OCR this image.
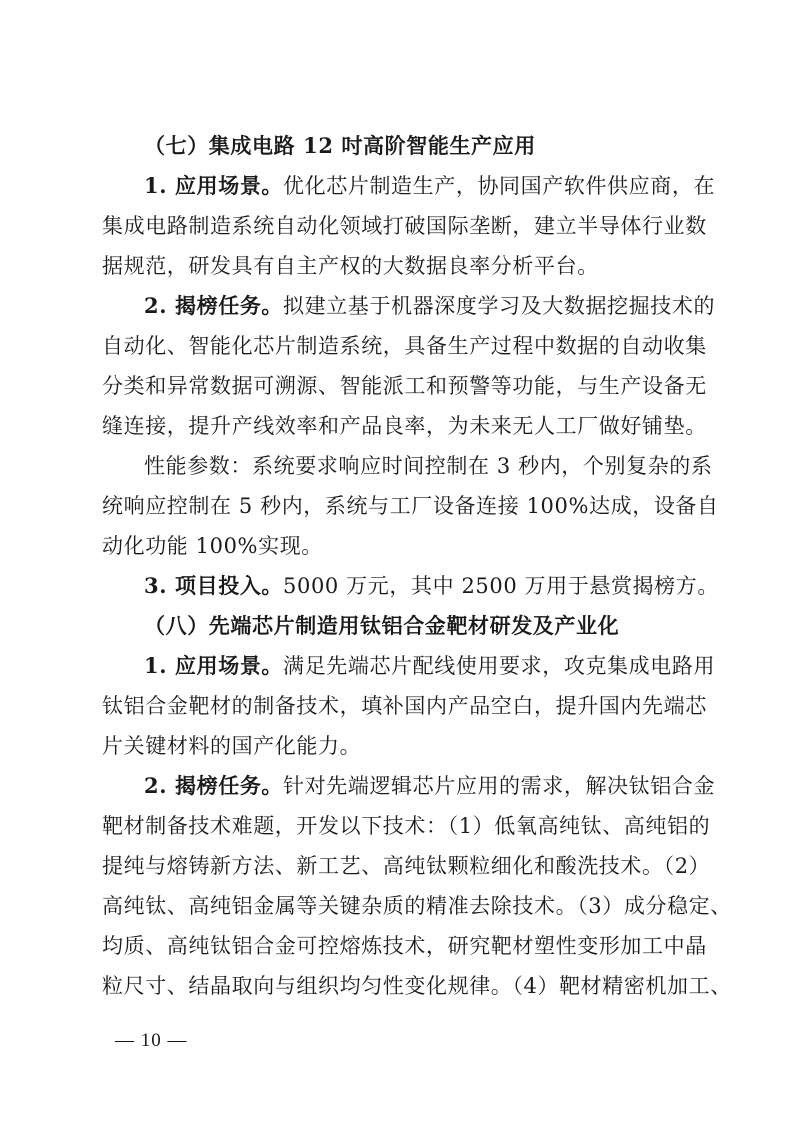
（七）集成电路 12 吋高阶智能生产应用
1. 应用场景。优化芯片制造生产，协同国产软件供应商，在
集成电路制造系统自动化领域打破国际垄断，建立半导体行业数
据规范，研发具有自主产权的大数据良率分析平台。
2. 揭榜任务。拟建立基于机器深度学习及大数据挖掘技术的
自动化、智能化芯片制造系统，具备生产过程中数据的自动收集
分类和异常数据可溯源、智能派工和预警等功能，与生产设备无
缝连接，提升产线效率和产品良率，为未来无人工厂做好铺垫。
性能参数：系统要求响应时间控制在 3 秒内，个别复杂的系
统响应控制在 5 秒内，系统与工厂设备连接 100%达成，设备自
动化功能 100%实现。
3. 项目投入。5000 万元，其中 2500 万用于悬赏揭榜方。
（八）先端芯片制造用钛铝合金靶材研发及产业化
1. 应用场景。满足先端芯片配线使用要求，攻克集成电路用
钛铝合金靶材的制备技术，填补国内产品空白，提升国内先端芯
片关键材料的国产化能力。
2. 揭榜任务。针对先端逻辑芯片应用的需求，解决钛铝合金
靶材制备技术难题，开发以下技术：（1）低氧高纯钛、高纯铝的
提纯与熔铸新方法、新工艺、高纯钛颗粒细化和酸洗技术。（2）
高纯钛、高纯铝金属等关键杂质的精准去除技术。（3）成分稳定、
均质、高纯钛铝合金可控熔炼技术，研究靶材塑性变形加工中晶
粒尺寸、结晶取向与组织均匀性变化规律。（4）靶材精密机加工、
— 10 —
